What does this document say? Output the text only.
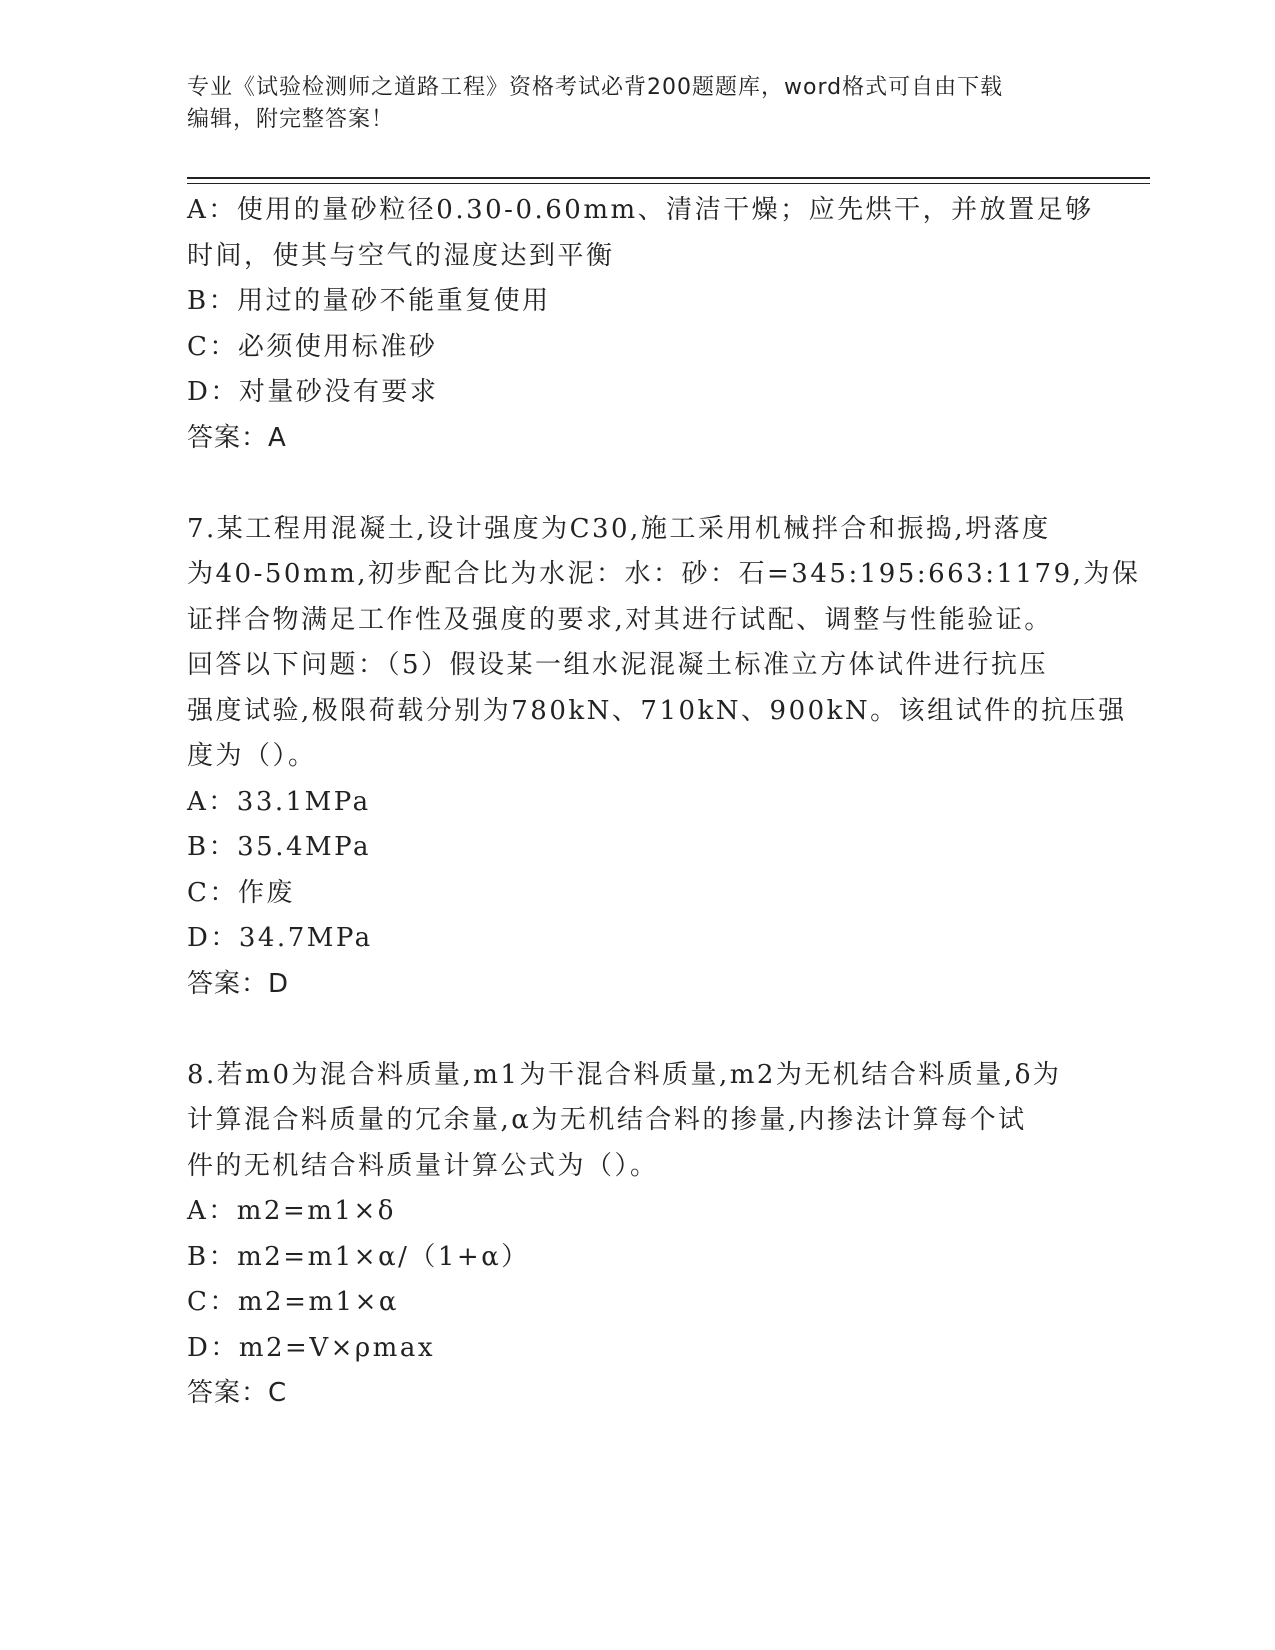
专业《试验检测师之道路工程》资格考试必背200题题库，word格式可自由下载
编辑，附完整答案！
A：使用的量砂粒径0.30-0.60mm、清洁干燥；应先烘干，并放置足够
时间，使其与空气的湿度达到平衡
B：用过的量砂不能重复使用
C：必须使用标准砂
D：对量砂没有要求
答案：A
7.某工程用混凝土,设计强度为C30,施工采用机械拌合和振捣,坍落度
为40-50mm,初步配合比为水泥：水：砂：石=345:195:663:1179,为保
证拌合物满足工作性及强度的要求,对其进行试配、调整与性能验证。
回答以下问题：（5）假设某一组水泥混凝土标准立方体试件进行抗压
强度试验,极限荷载分别为780kN、710kN、900kN。该组试件的抗压强
度为（）。
A：33.1MPa
B：35.4MPa
C：作废
D：34.7MPa
答案：D
8.若m0为混合料质量,m1为干混合料质量,m2为无机结合料质量,δ为
计算混合料质量的冗余量,α为无机结合料的掺量,内掺法计算每个试
件的无机结合料质量计算公式为（）。
A：m2=m1×δ
B：m2=m1×α/（1+α）
C：m2=m1×α
D：m2=V×ρmax
答案：C
